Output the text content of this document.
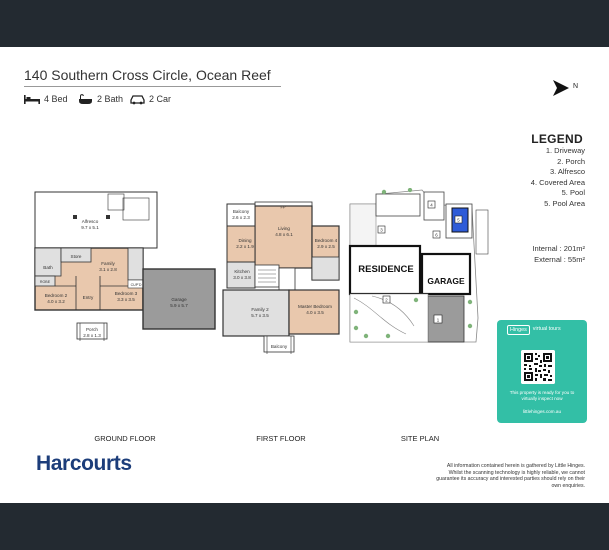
140 Southern Cross Circle, Ocean Reef
4 Bed	2 Bath	2 Car
N
LEGEND
1. Driveway
2. Porch
3. Alfresco
4. Covered Area
5. Pool
5. Pool Area
Internal : 201m²
External : 55m²
Alfresco
9.7 x 5.1
Store
Family
3.1 x 2.8
Bath
ROBE
Bedroom 2
4.0 x 3.2
Entry
Bedroom 3
3.3 x 3.5
CUP'D
Garage
5.9 x 5.7
Porch
2.8 x 1.3
GROUND FLOOR
FP
Balcony
2.6 x 2.3
Living
4.8 x 6.1
Dining
2.2 x 1.9
Bedroom 4
2.9 x 2.5
Kitchen
3.0 x 3.8
Family 2
5.7 x 3.5
Master Bedroom
4.0 x 3.5
Balcony
FIRST FLOOR
1
2
3
4
5
6
RESIDENCE
GARAGE
SITE PLAN
Hinges	virtual tours
This property is ready for you to virtually inspect now
littlehinges.com.au
Harcourts	All information contained herein is gathered by Little Hinges. Whilst the scanning technology is highly reliable, we cannot guarantee its accuracy and interested parties should rely on their own enquiries.
